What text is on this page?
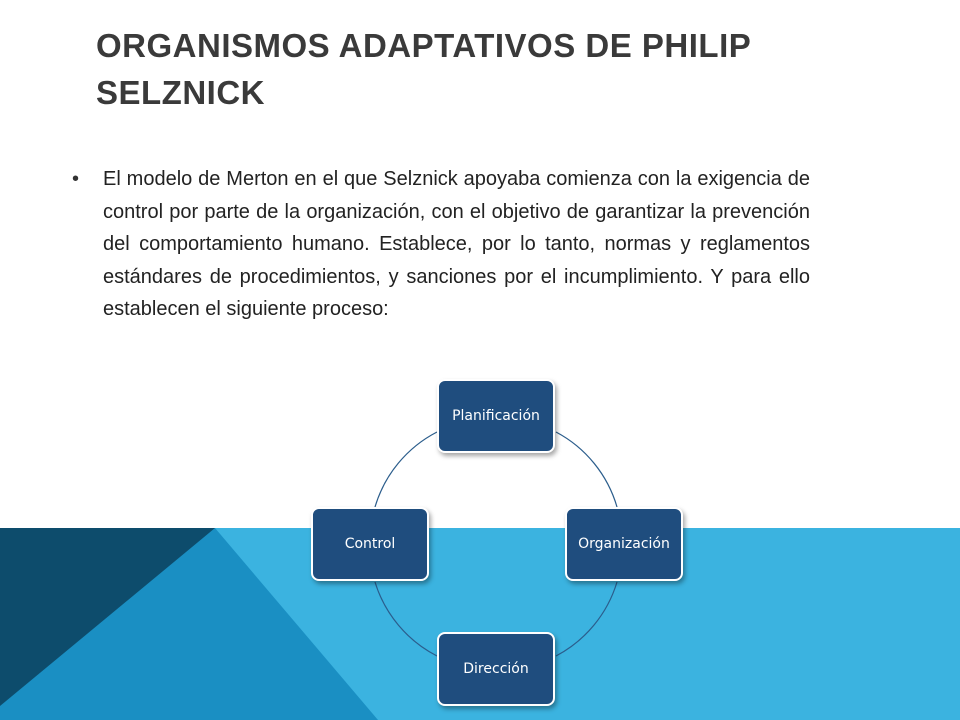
ORGANISMOS ADAPTATIVOS DE PHILIP SELZNICK
• El modelo de Merton en el que Selznick apoyaba comienza con la exigencia de control por parte de la organización, con el objetivo de garantizar la prevención del comportamiento humano. Establece, por lo tanto, normas y reglamentos estándares de procedimientos, y sanciones por el incumplimiento. Y para ello establecen el siguiente proceso:
Planificación
Organización
Dirección
Control
